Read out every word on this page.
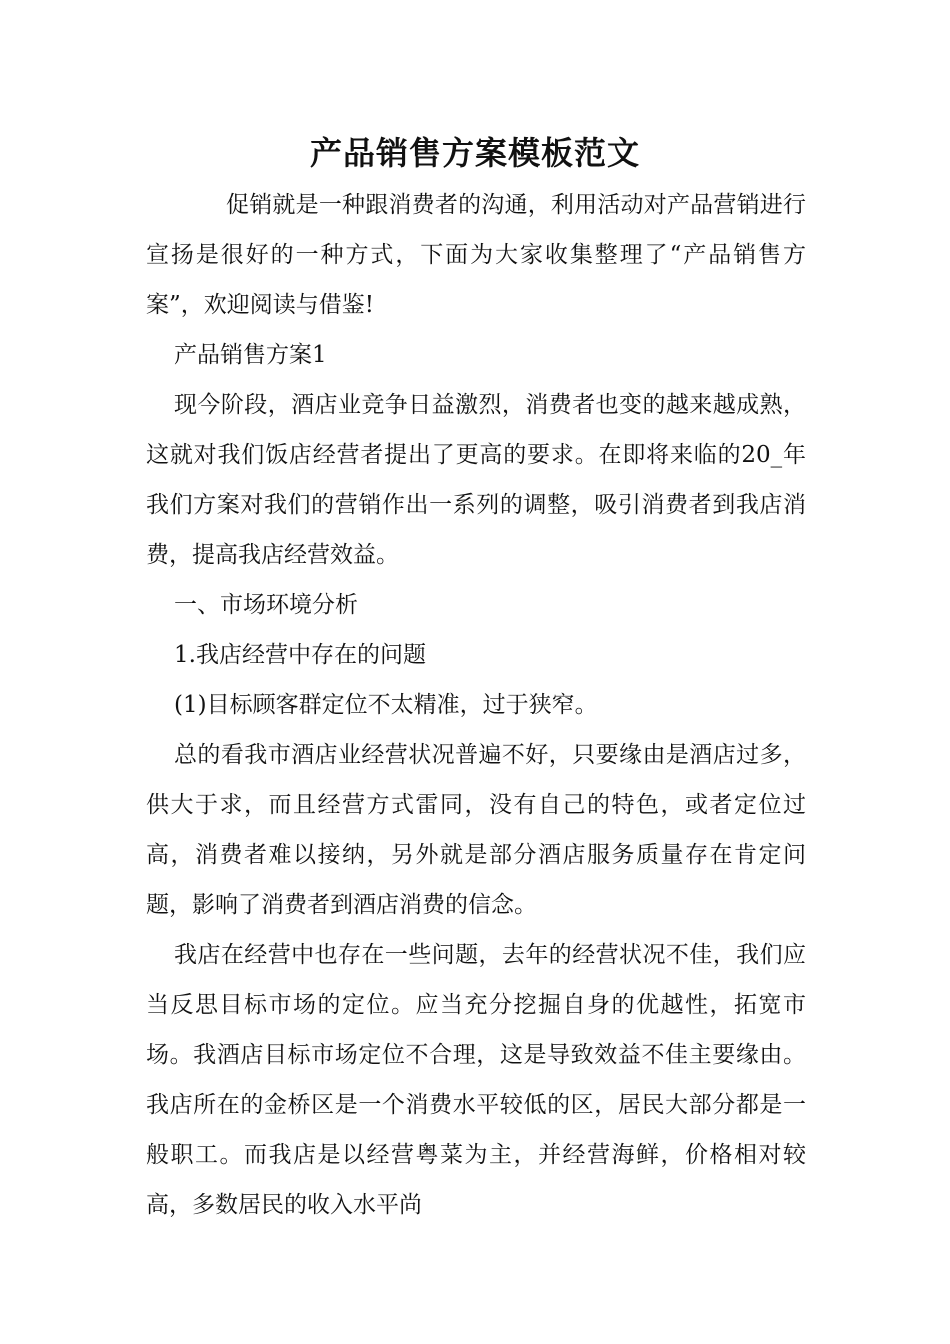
产品销售方案模板范文

促销就是一种跟消费者的沟通，利用活动对产品营销进行宣扬是很好的一种方式，下面为大家收集整理了“产品销售方案”，欢迎阅读与借鉴!

产品销售方案1

现今阶段，酒店业竞争日益激烈，消费者也变的越来越成熟，这就对我们饭店经营者提出了更高的要求。在即将来临的20_年我们方案对我们的营销作出一系列的调整，吸引消费者到我店消费，提高我店经营效益。

一、市场环境分析

1.我店经营中存在的问题

(1)目标顾客群定位不太精准，过于狭窄。

总的看我市酒店业经营状况普遍不好，只要缘由是酒店过多，供大于求，而且经营方式雷同，没有自己的特色，或者定位过高，消费者难以接纳，另外就是部分酒店服务质量存在肯定问题，影响了消费者到酒店消费的信念。

我店在经营中也存在一些问题，去年的经营状况不佳，我们应当反思目标市场的定位。应当充分挖掘自身的优越性，拓宽市场。我酒店目标市场定位不合理，这是导致效益不佳主要缘由。我店所在的金桥区是一个消费水平较低的区，居民大部分都是一般职工。而我店是以经营粤菜为主，并经营海鲜，价格相对较高，多数居民的收入水平尚
